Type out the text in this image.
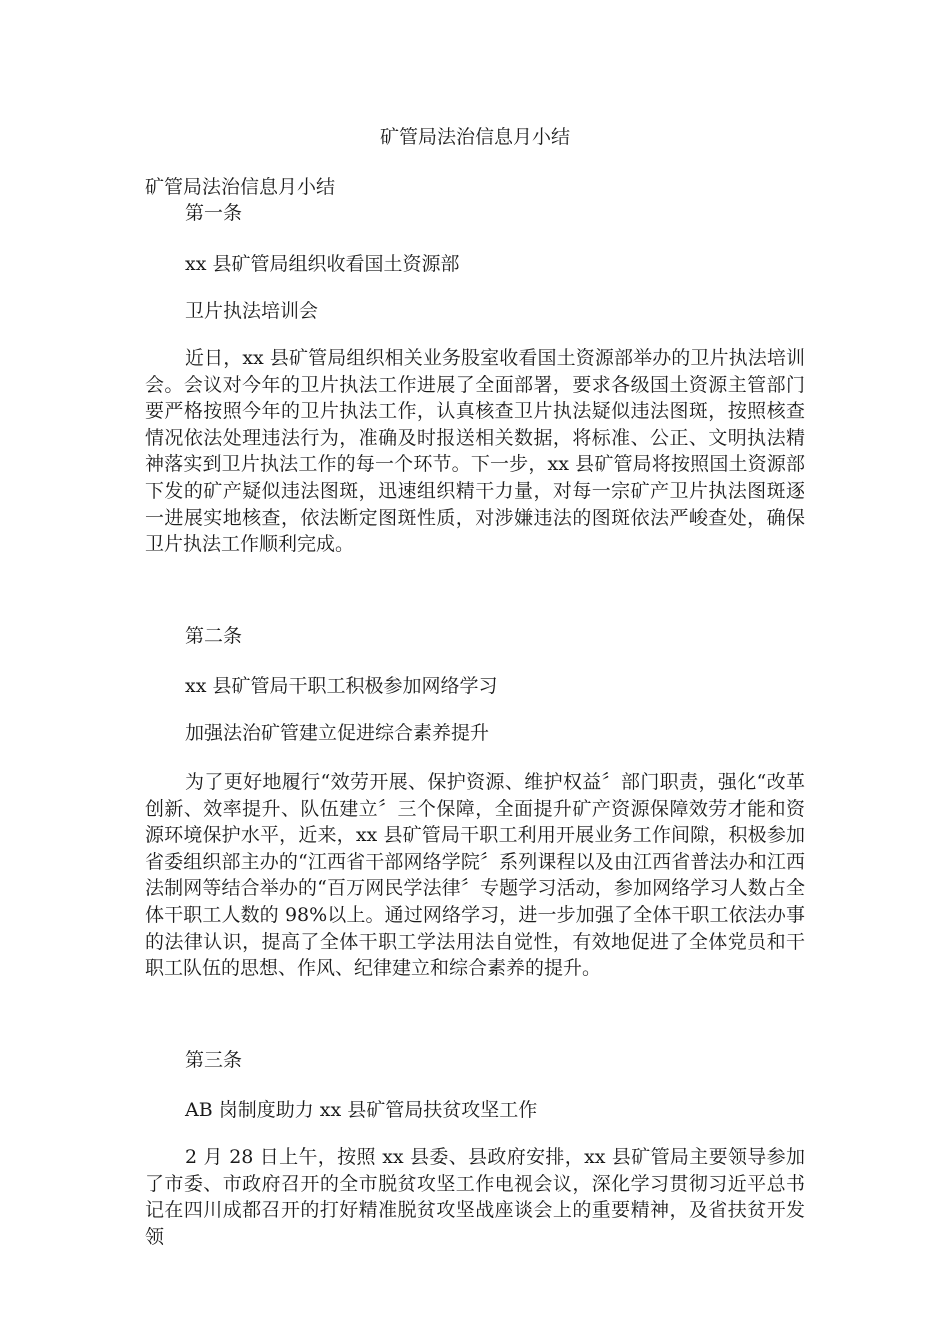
矿管局法治信息月小结
矿管局法治信息月小结
第一条
xx 县矿管局组织收看国土资源部
卫片执法培训会
近日，xx 县矿管局组织相关业务股室收看国土资源部举办的卫片执法培训会。会议对今年的卫片执法工作进展了全面部署，要求各级国土资源主管部门要严格按照今年的卫片执法工作，认真核查卫片执法疑似违法图斑，按照核查情况依法处理违法行为，准确及时报送相关数据，将标准、公正、文明执法精神落实到卫片执法工作的每一个环节。下一步，xx 县矿管局将按照国土资源部下发的矿产疑似违法图斑，迅速组织精干力量，对每一宗矿产卫片执法图斑逐一进展实地核查，依法断定图斑性质，对涉嫌违法的图斑依法严峻查处，确保卫片执法工作顺利完成。
第二条
xx 县矿管局干职工积极参加网络学习
加强法治矿管建立促进综合素养提升
为了更好地履行“效劳开展、保护资源、维护权益〞部门职责，强化“改革创新、效率提升、队伍建立〞三个保障，全面提升矿产资源保障效劳才能和资源环境保护水平，近来，xx 县矿管局干职工利用开展业务工作间隙，积极参加省委组织部主办的“江西省干部网络学院〞系列课程以及由江西省普法办和江西法制网等结合举办的“百万网民学法律〞专题学习活动，参加网络学习人数占全体干职工人数的 98%以上。通过网络学习，进一步加强了全体干职工依法办事的法律认识，提高了全体干职工学法用法自觉性，有效地促进了全体党员和干职工队伍的思想、作风、纪律建立和综合素养的提升。
第三条
AB 岗制度助力 xx 县矿管局扶贫攻坚工作
2 月 28 日上午，按照 xx 县委、县政府安排，xx 县矿管局主要领导参加了市委、市政府召开的全市脱贫攻坚工作电视会议，深化学习贯彻习近平总书记在四川成都召开的打好精准脱贫攻坚战座谈会上的重要精神，及省扶贫开发领
